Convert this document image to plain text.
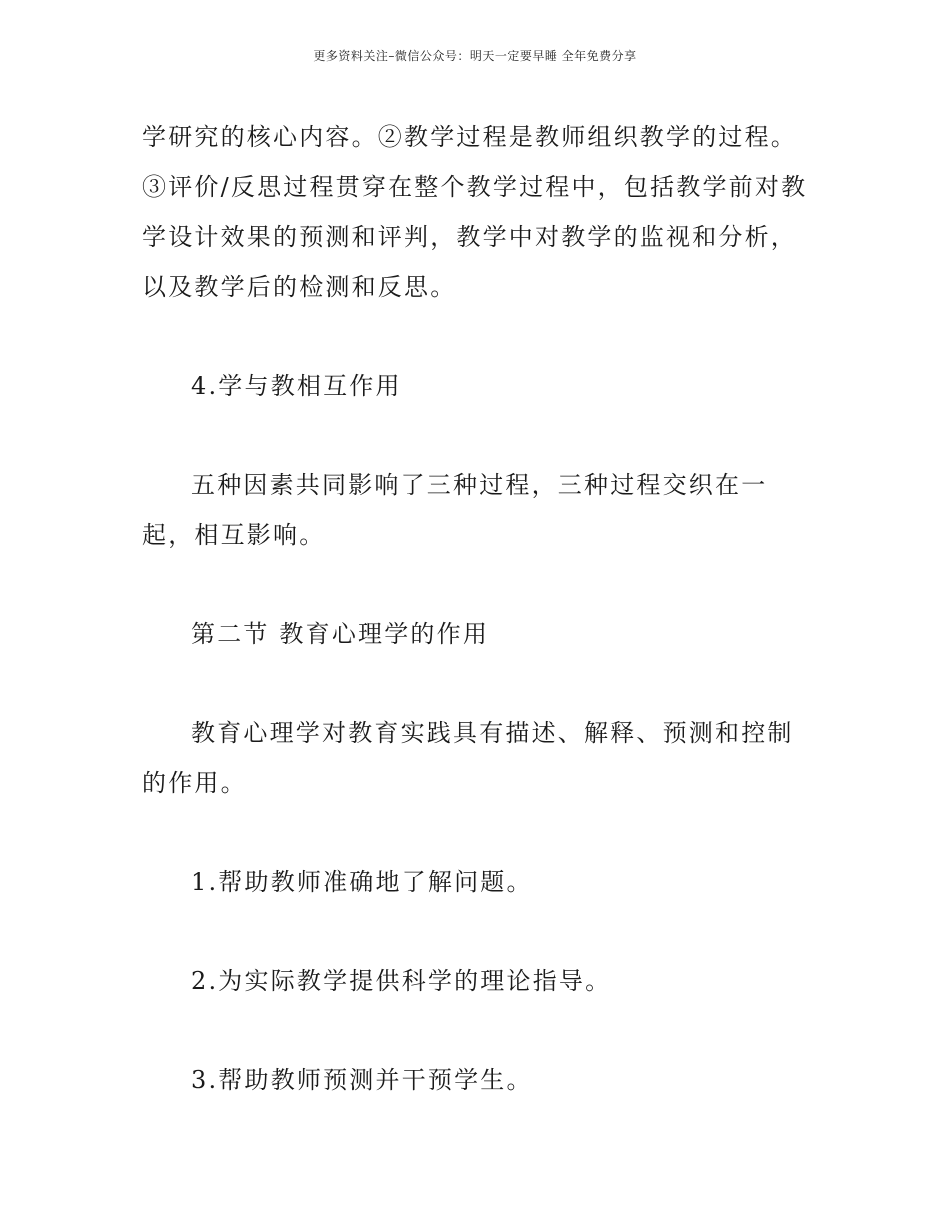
更多资料关注–微信公众号：明天一定要早睡 全年免费分享

学研究的核心内容。②教学过程是教师组织教学的过程。③评价/反思过程贯穿在整个教学过程中，包括教学前对教学设计效果的预测和评判，教学中对教学的监视和分析，以及教学后的检测和反思。

4.学与教相互作用

五种因素共同影响了三种过程，三种过程交织在一起，相互影响。

第二节 教育心理学的作用

教育心理学对教育实践具有描述、解释、预测和控制的作用。

1.帮助教师准确地了解问题。

2.为实际教学提供科学的理论指导。

3.帮助教师预测并干预学生。
